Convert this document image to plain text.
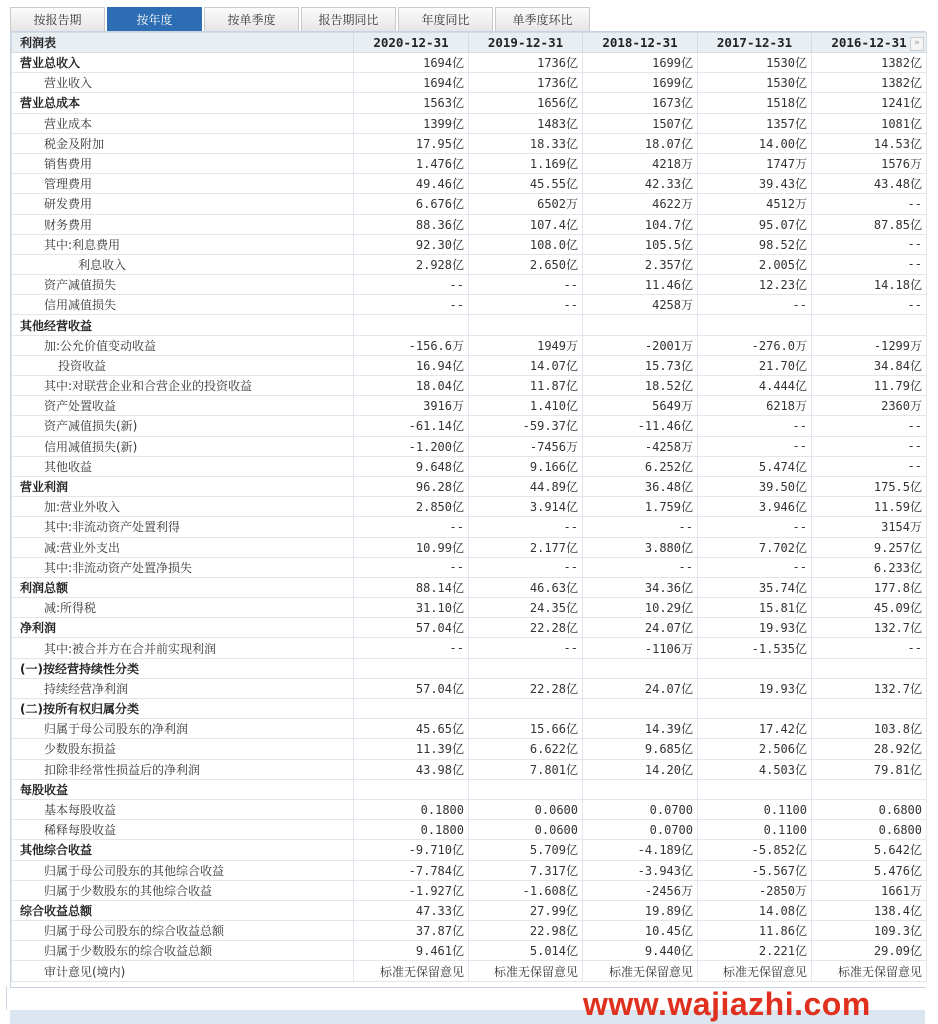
按报告期	按年度	按单季度	报告期同比	年度同比	单季度环比
利润表	2020-12-31	2019-12-31	2018-12-31	2017-12-31	2016-12-31 »

营业总收入	1694亿	1736亿	1699亿	1530亿	1382亿
营业收入	1694亿	1736亿	1699亿	1530亿	1382亿
营业总成本	1563亿	1656亿	1673亿	1518亿	1241亿
营业成本	1399亿	1483亿	1507亿	1357亿	1081亿
税金及附加	17.95亿	18.33亿	18.07亿	14.00亿	14.53亿
销售费用	1.476亿	1.169亿	4218万	1747万	1576万
管理费用	49.46亿	45.55亿	42.33亿	39.43亿	43.48亿
研发费用	6.676亿	6502万	4622万	4512万	--
财务费用	88.36亿	107.4亿	104.7亿	95.07亿	87.85亿
其中:利息费用	92.30亿	108.0亿	105.5亿	98.52亿	--
利息收入	2.928亿	2.650亿	2.357亿	2.005亿	--
资产减值损失	--	--	11.46亿	12.23亿	14.18亿
信用减值损失	--	--	4258万	--	--
其他经营收益					
加:公允价值变动收益	-156.6万	1949万	-2001万	-276.0万	-1299万
投资收益	16.94亿	14.07亿	15.73亿	21.70亿	34.84亿
其中:对联营企业和合营企业的投资收益	18.04亿	11.87亿	18.52亿	4.444亿	11.79亿
资产处置收益	3916万	1.410亿	5649万	6218万	2360万
资产减值损失(新)	-61.14亿	-59.37亿	-11.46亿	--	--
信用减值损失(新)	-1.200亿	-7456万	-4258万	--	--
其他收益	9.648亿	9.166亿	6.252亿	5.474亿	--
营业利润	96.28亿	44.89亿	36.48亿	39.50亿	175.5亿
加:营业外收入	2.850亿	3.914亿	1.759亿	3.946亿	11.59亿
其中:非流动资产处置利得	--	--	--	--	3154万
减:营业外支出	10.99亿	2.177亿	3.880亿	7.702亿	9.257亿
其中:非流动资产处置净损失	--	--	--	--	6.233亿
利润总额	88.14亿	46.63亿	34.36亿	35.74亿	177.8亿
减:所得税	31.10亿	24.35亿	10.29亿	15.81亿	45.09亿
净利润	57.04亿	22.28亿	24.07亿	19.93亿	132.7亿
其中:被合并方在合并前实现利润	--	--	-1106万	-1.535亿	--
(一)按经营持续性分类					
持续经营净利润	57.04亿	22.28亿	24.07亿	19.93亿	132.7亿
(二)按所有权归属分类					
归属于母公司股东的净利润	45.65亿	15.66亿	14.39亿	17.42亿	103.8亿
少数股东损益	11.39亿	6.622亿	9.685亿	2.506亿	28.92亿
扣除非经常性损益后的净利润	43.98亿	7.801亿	14.20亿	4.503亿	79.81亿
每股收益					
基本每股收益	0.1800	0.0600	0.0700	0.1100	0.6800
稀释每股收益	0.1800	0.0600	0.0700	0.1100	0.6800
其他综合收益	-9.710亿	5.709亿	-4.189亿	-5.852亿	5.642亿
归属于母公司股东的其他综合收益	-7.784亿	7.317亿	-3.943亿	-5.567亿	5.476亿
归属于少数股东的其他综合收益	-1.927亿	-1.608亿	-2456万	-2850万	1661万
综合收益总额	47.33亿	27.99亿	19.89亿	14.08亿	138.4亿
归属于母公司股东的综合收益总额	37.87亿	22.98亿	10.45亿	11.86亿	109.3亿
归属于少数股东的综合收益总额	9.461亿	5.014亿	9.440亿	2.221亿	29.09亿
审计意见(境内)	标准无保留意见	标准无保留意见	标准无保留意见	标准无保留意见	标准无保留意见
www.wajiazhi.com
